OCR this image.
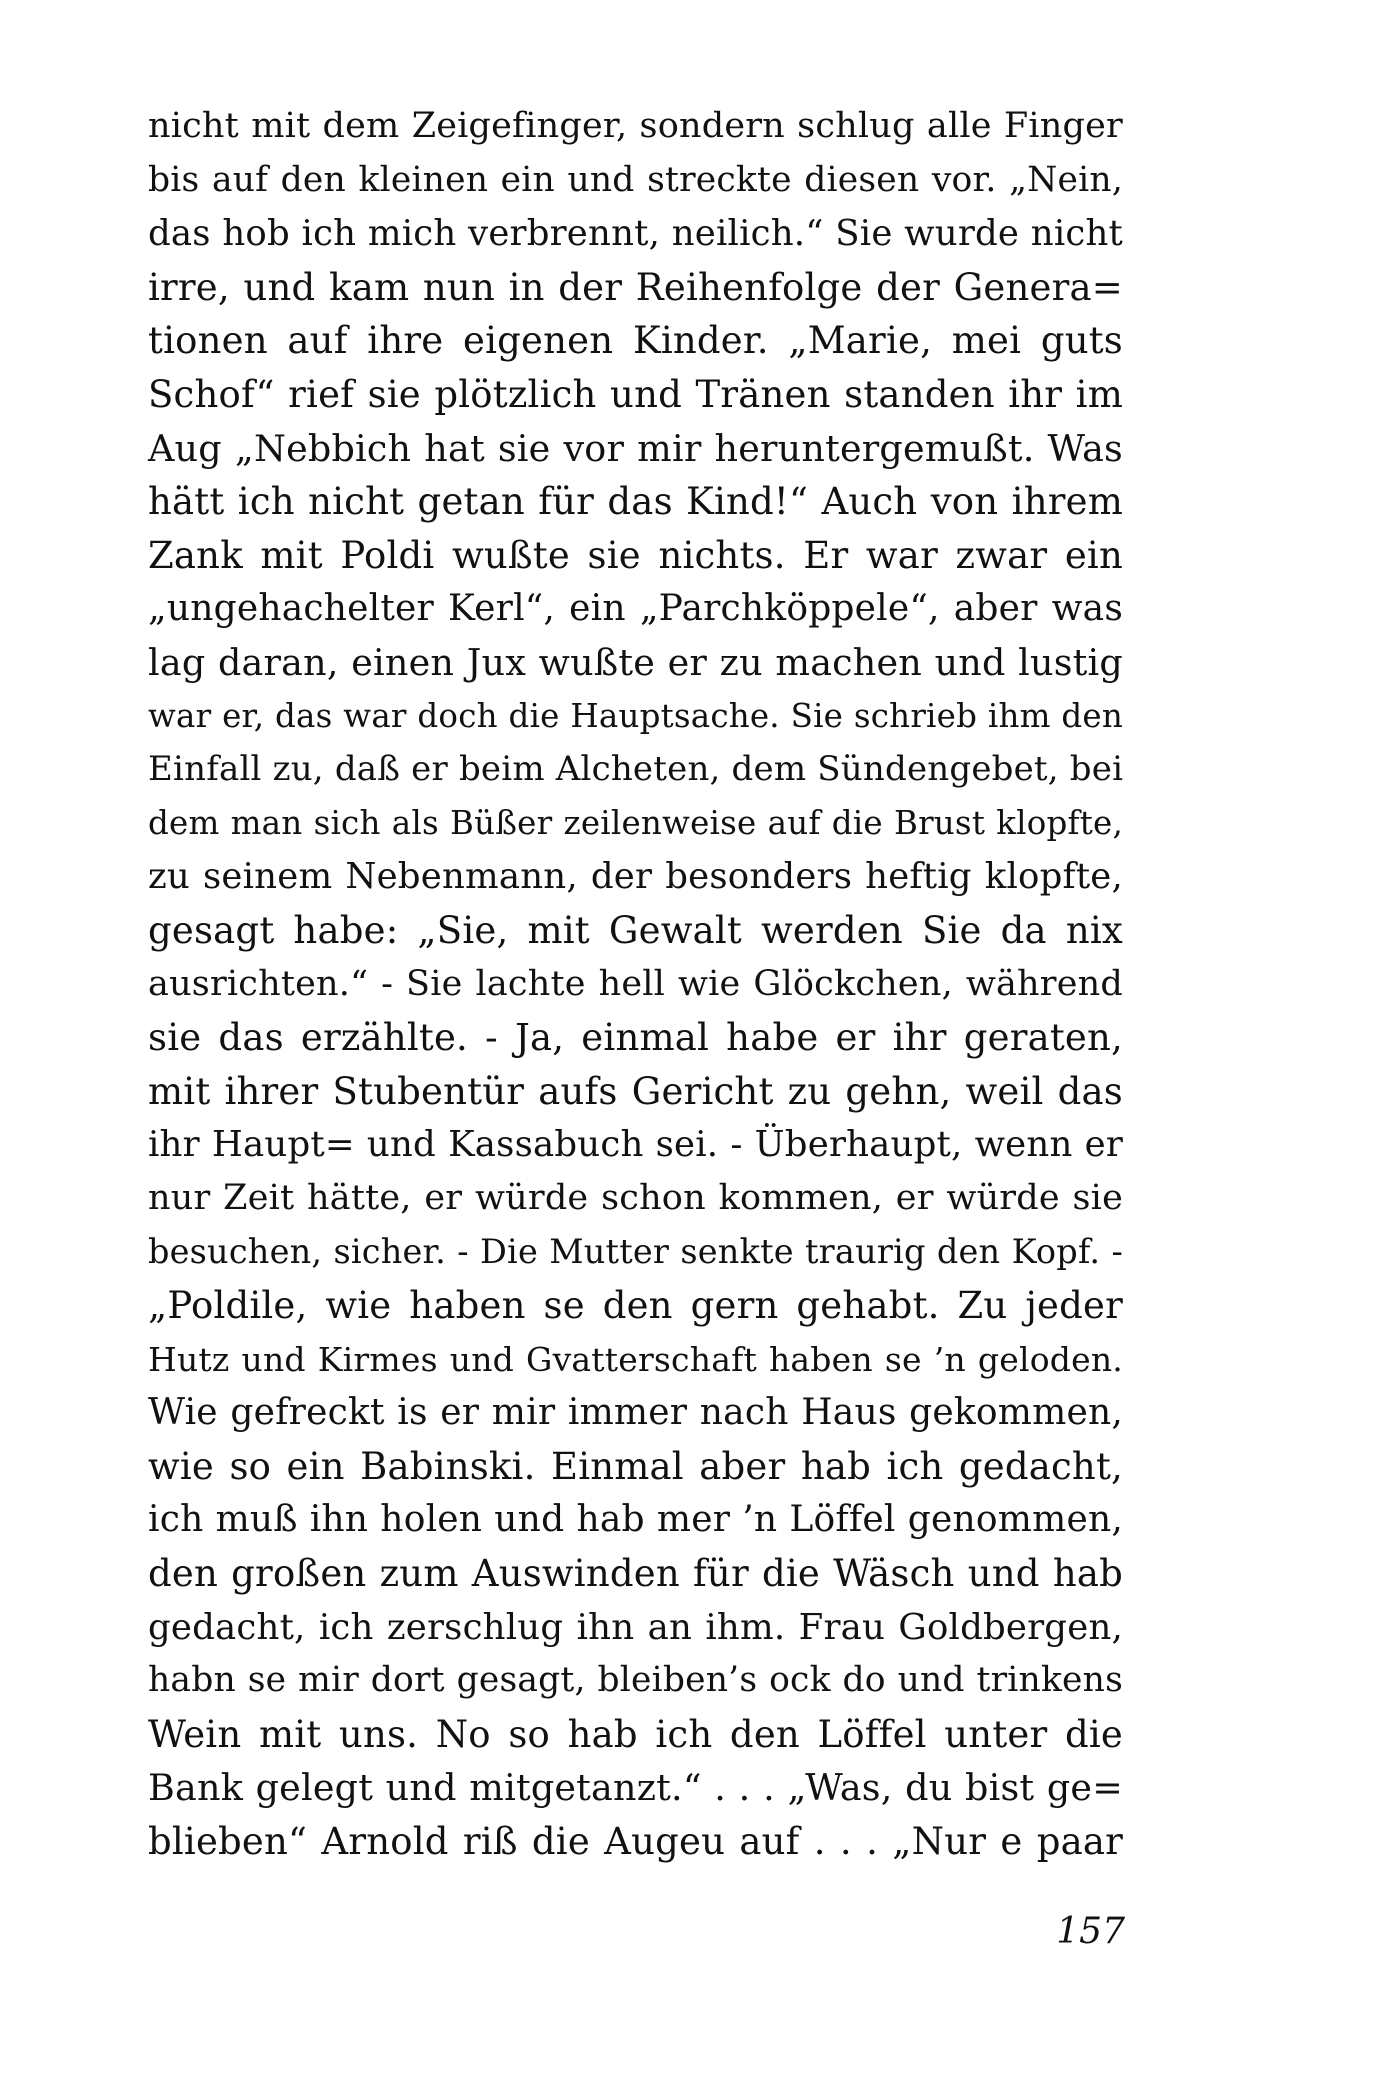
nicht mit dem Zeigefinger, sondern schlug alle Finger
bis auf den kleinen ein und streckte diesen vor. „Nein,
das hob ich mich verbrennt, neilich.“ Sie wurde nicht
irre, und kam nun in der Reihenfolge der Genera=
tionen auf ihre eigenen Kinder. „Marie, mei guts
Schof“ rief sie plötzlich und Tränen standen ihr im
Aug „Nebbich hat sie vor mir heruntergemußt. Was
hätt ich nicht getan für das Kind!“ Auch von ihrem
Zank mit Poldi wußte sie nichts. Er war zwar ein
„ungehachelter Kerl“, ein „Parchköppele“, aber was
lag daran, einen Jux wußte er zu machen und lustig
war er, das war doch die Hauptsache. Sie schrieb ihm den
Einfall zu, daß er beim Alcheten, dem Sündengebet, bei
dem man sich als Büßer zeilenweise auf die Brust klopfte,
zu seinem Nebenmann, der besonders heftig klopfte,
gesagt habe: „Sie, mit Gewalt werden Sie da nix
ausrichten.“ - Sie lachte hell wie Glöckchen, während
sie das erzählte. - Ja, einmal habe er ihr geraten,
mit ihrer Stubentür aufs Gericht zu gehn, weil das
ihr Haupt= und Kassabuch sei. - Überhaupt, wenn er
nur Zeit hätte, er würde schon kommen, er würde sie
besuchen, sicher. - Die Mutter senkte traurig den Kopf. -
„Poldile, wie haben se den gern gehabt. Zu jeder
Hutz und Kirmes und Gvatterschaft haben se ’n geloden.
Wie gefreckt is er mir immer nach Haus gekommen,
wie so ein Babinski. Einmal aber hab ich gedacht,
ich muß ihn holen und hab mer ’n Löffel genommen,
den großen zum Auswinden für die Wäsch und hab
gedacht, ich zerschlug ihn an ihm. Frau Goldbergen,
habn se mir dort gesagt, bleiben’s ock do und trinkens
Wein mit uns. No so hab ich den Löffel unter die
Bank gelegt und mitgetanzt.“ . . . „Was, du bist ge=
blieben“ Arnold riß die Augeu auf . . . „Nur e paar
157
